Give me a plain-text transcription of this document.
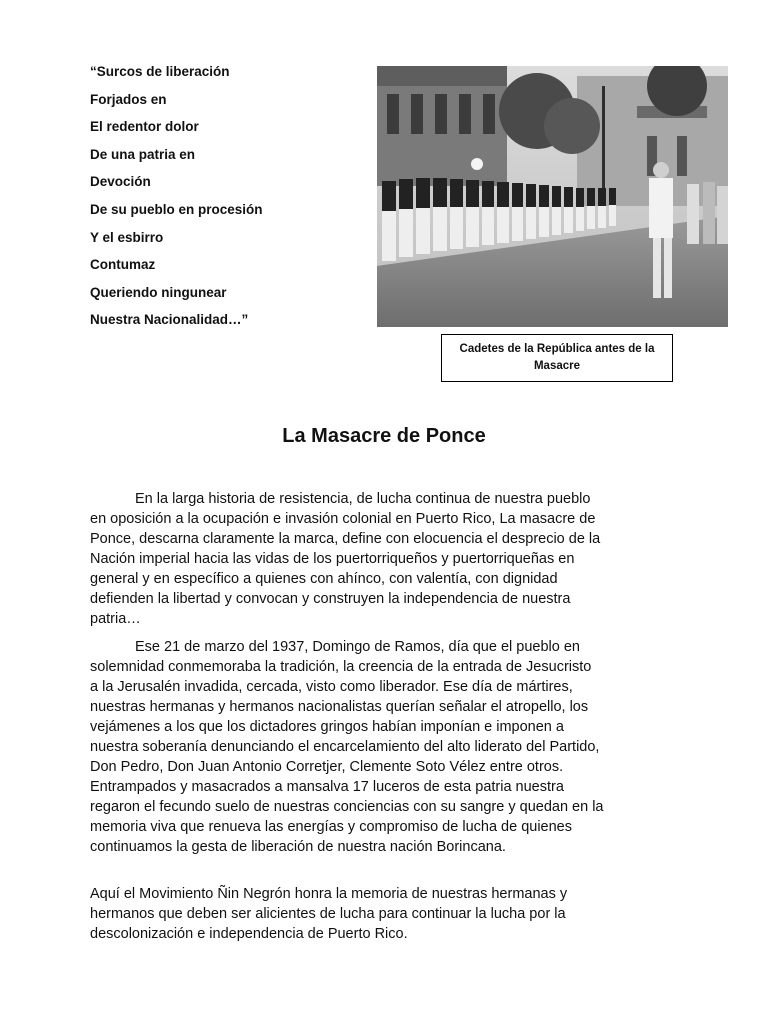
“Surcos de liberación
Forjados en
El redentor dolor
De una patria en
Devoción
De su pueblo en procesión
Y el esbirro
Contumaz
Queriendo ningunear
Nuestra Nacionalidad…”
Cadetes de la República antes de la
Masacre
La Masacre de Ponce
En la larga historia de resistencia, de lucha continua de nuestra pueblo
en oposición a la ocupación e invasión colonial en Puerto Rico, La masacre de
Ponce, descarna claramente la marca, define con elocuencia el desprecio de la
Nación imperial hacia las vidas de los puertorriqueños y puertorriqueñas en
general y en específico a quienes con ahínco, con valentía, con dignidad
defienden la libertad y convocan y construyen la independencia de nuestra
patria…
Ese 21 de marzo del 1937, Domingo de Ramos, día que el pueblo en
solemnidad conmemoraba la tradición, la creencia de la entrada de Jesucristo
a la Jerusalén invadida, cercada, visto como liberador. Ese día de mártires,
nuestras hermanas y hermanos nacionalistas querían señalar el atropello, los
vejámenes a los que los dictadores gringos habían imponían e imponen a
nuestra soberanía denunciando el encarcelamiento del alto liderato del Partido,
Don Pedro, Don Juan Antonio Corretjer, Clemente Soto Vélez entre otros.
Entrampados y masacrados a mansalva 17 luceros de esta patria nuestra
regaron el fecundo suelo de nuestras conciencias con su sangre y quedan en la
memoria viva que renueva las energías y compromiso de lucha de quienes
continuamos la gesta de liberación de nuestra nación Borincana.
Aquí el Movimiento Ñin Negrón honra la memoria de nuestras hermanas y
hermanos que deben ser alicientes de lucha para continuar la lucha por la
descolonización e independencia de Puerto Rico.
